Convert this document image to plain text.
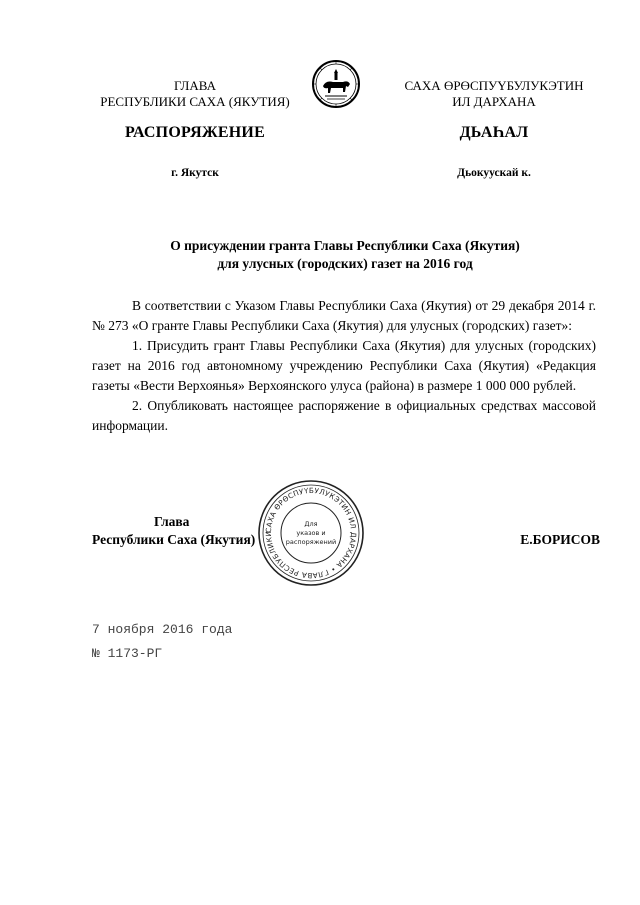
ГЛАВА
РЕСПУБЛИКИ САХА (ЯКУТИЯ)
САХА ӨРӨСПУҮБУЛУКЭТИН
ИЛ ДАРХАНА
РАСПОРЯЖЕНИЕ	ДЬАҺАЛ
г. Якутск	Дьокуускай к.
О присуждении гранта Главы Республики Саха (Якутия)
для улусных (городских) газет на 2016 год

В соответствии с Указом Главы Республики Саха (Якутия) от 29 декабря 2014 г. № 273 «О гранте Главы Республики Саха (Якутия) для улусных (городских) газет»:

1. Присудить грант Главы Республики Саха (Якутия) для улусных (городских) газет на 2016 год автономному учреждению Республики Саха (Якутия) «Редакция газеты «Вести Верхоянья» Верхоянского улуса (района) в размере 1 000 000 рублей.

2. Опубликовать настоящее распоряжение в официальных средствах массовой информации.

Глава
Республики Саха (Якутия)	Е.БОРИСОВ
САХА ӨРӨСПУҮБУЛУКЭТИН ИЛ ДАРХАНА • ГЛАВА РЕСПУБЛИКИ
Для
указов и
распоряжений
7 ноября 2016 года
№ 1173-РГ
